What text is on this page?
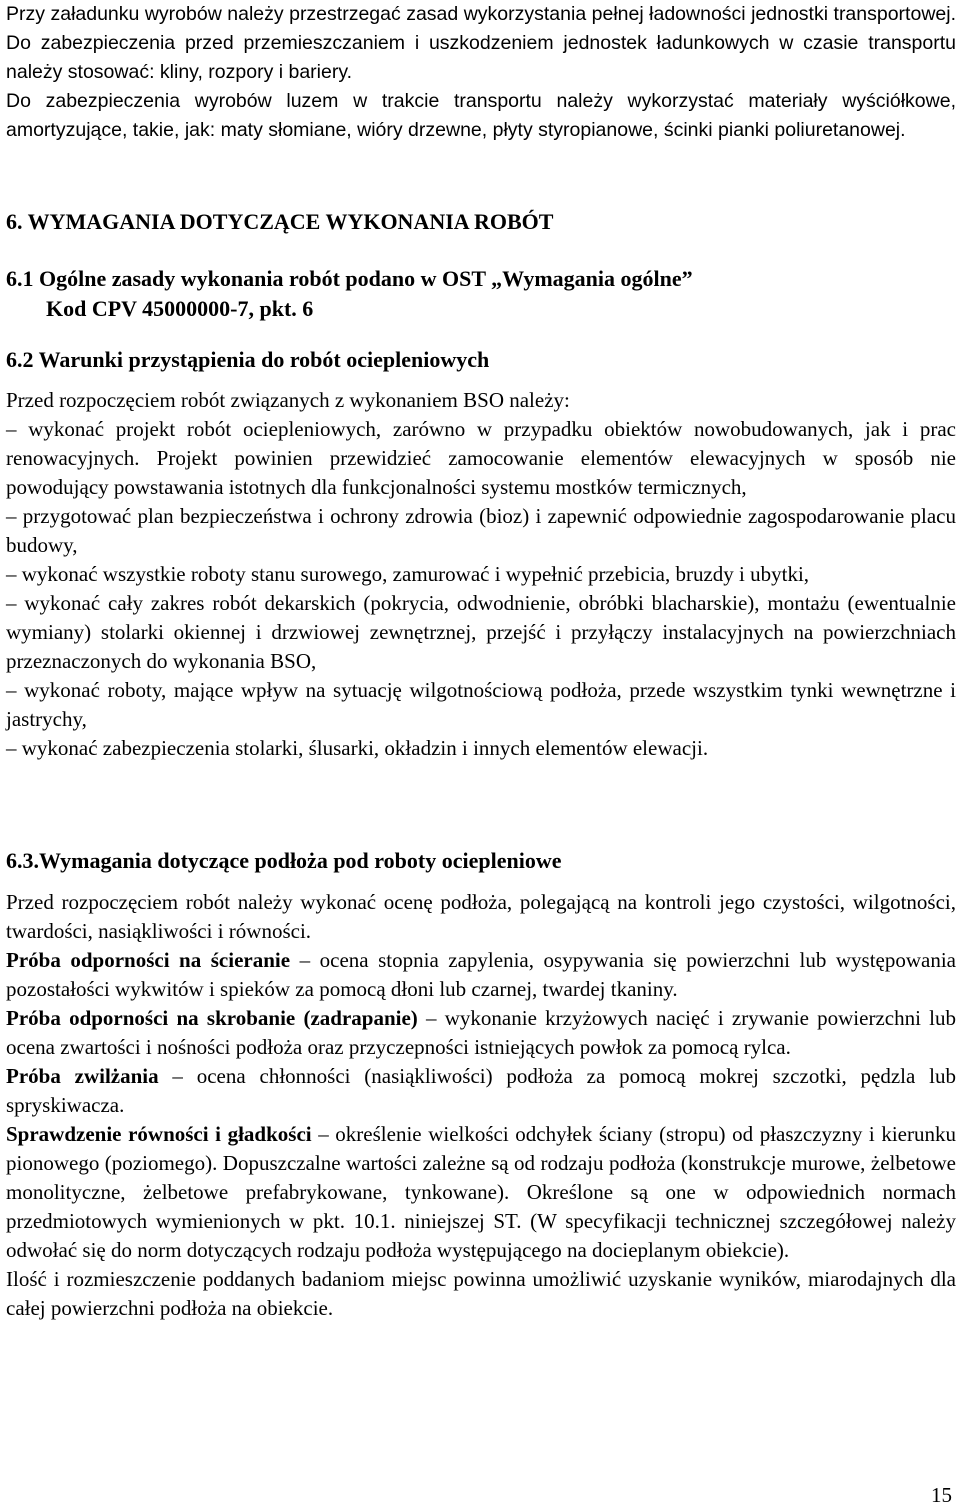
Przy załadunku wyrobów należy przestrzegać zasad wykorzystania pełnej ładowności jednostki transportowej. Do zabezpieczenia przed przemieszczaniem i uszkodzeniem jednostek ładunkowych w czasie transportu należy stosować: kliny, rozpory i bariery.

Do zabezpieczenia wyrobów luzem w trakcie transportu należy wykorzystać materiały wyściółkowe, amortyzujące, takie, jak: maty słomiane, wióry drzewne, płyty styropianowe, ścinki pianki poliuretanowej.

6. WYMAGANIA DOTYCZĄCE WYKONANIA ROBÓT
6.1 Ogólne zasady wykonania robót podano w OST „Wymagania ogólne”
Kod CPV 45000000-7, pkt. 6
6.2 Warunki przystąpienia do robót ociepleniowych

Przed rozpoczęciem robót związanych z wykonaniem BSO należy:

– wykonać projekt robót ociepleniowych, zarówno w przypadku obiektów nowobudowanych, jak i prac renowacyjnych. Projekt powinien przewidzieć zamocowanie elementów elewacyjnych w sposób nie powodujący powstawania istotnych dla funkcjonalności systemu mostków termicznych,

– przygotować plan bezpieczeństwa i ochrony zdrowia (bioz) i zapewnić odpowiednie zagospodarowanie placu budowy,

– wykonać wszystkie roboty stanu surowego, zamurować i wypełnić przebicia, bruzdy i ubytki,

– wykonać cały zakres robót dekarskich (pokrycia, odwodnienie, obróbki blacharskie), montażu (ewentualnie wymiany) stolarki okiennej i drzwiowej zewnętrznej, przejść i przyłączy instalacyjnych na powierzchniach przeznaczonych do wykonania BSO,

– wykonać roboty, mające wpływ na sytuację wilgotnościową podłoża, przede wszystkim tynki wewnętrzne i jastrychy,

– wykonać zabezpieczenia stolarki, ślusarki, okładzin i innych elementów elewacji.

6.3.Wymagania dotyczące podłoża pod roboty ociepleniowe

Przed rozpoczęciem robót należy wykonać ocenę podłoża, polegającą na kontroli jego czystości, wilgotności, twardości, nasiąkliwości i równości.

Próba odporności na ścieranie – ocena stopnia zapylenia, osypywania się powierzchni lub występowania pozostałości wykwitów i spieków za pomocą dłoni lub czarnej, twardej tkaniny.

Próba odporności na skrobanie (zadrapanie) – wykonanie krzyżowych nacięć i zrywanie powierzchni lub ocena zwartości i nośności podłoża oraz przyczepności istniejących powłok za pomocą rylca.

Próba zwilżania – ocena chłonności (nasiąkliwości) podłoża za pomocą mokrej szczotki, pędzla lub spryskiwacza.

Sprawdzenie równości i gładkości – określenie wielkości odchyłek ściany (stropu) od płaszczyzny i kierunku pionowego (poziomego). Dopuszczalne wartości zależne są od rodzaju podłoża (konstrukcje murowe, żelbetowe monolityczne, żelbetowe prefabrykowane, tynkowane). Określone są one w odpowiednich normach przedmiotowych wymienionych w pkt. 10.1. niniejszej ST. (W specyfikacji technicznej szczegółowej należy odwołać się do norm dotyczących rodzaju podłoża występującego na docieplanym obiekcie).

Ilość i rozmieszczenie poddanych badaniom miejsc powinna umożliwić uzyskanie wyników, miarodajnych dla całej powierzchni podłoża na obiekcie.

15
